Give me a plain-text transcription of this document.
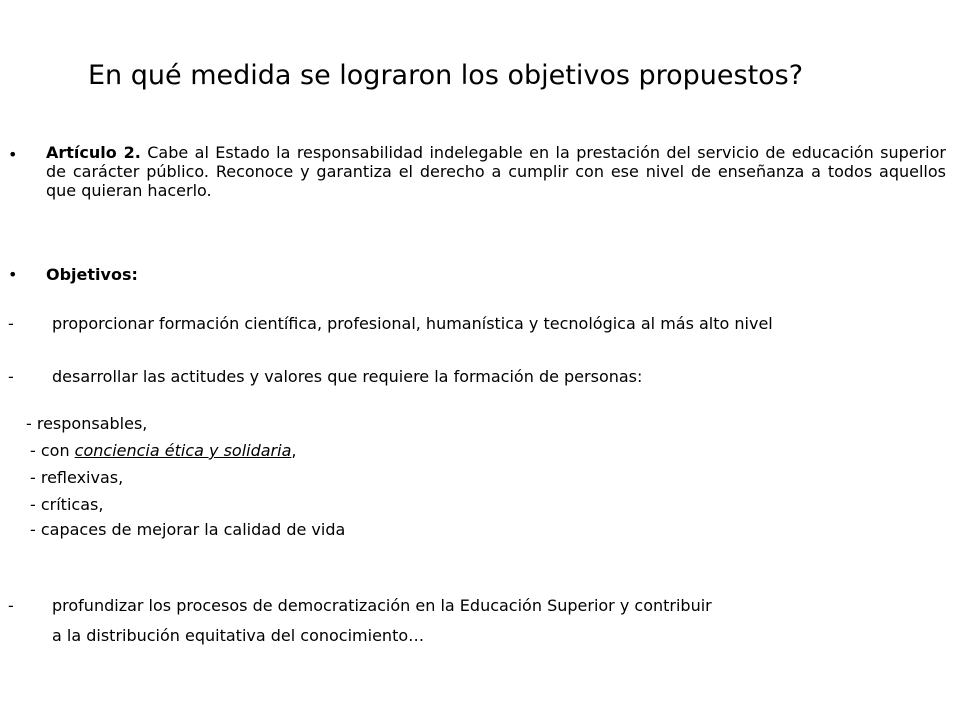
En qué medida se lograron los objetivos propuestos?
• Artículo 2. Cabe al Estado la responsabilidad indelegable en la prestación del servicio de educación superior de carácter público. Reconoce y garantiza el derecho a cumplir con ese nivel de enseñanza a todos aquellos que quieran hacerlo.
• Objetivos:
- proporcionar formación científica, profesional, humanística y tecnológica al más alto nivel
- desarrollar las actitudes y valores que requiere la formación de personas:
- responsables,
- con conciencia ética y solidaria,
- reflexivas,
- críticas,
- capaces de mejorar la calidad de vida
- profundizar los procesos de democratización en la Educación Superior y contribuir
a la distribución equitativa del conocimiento…
